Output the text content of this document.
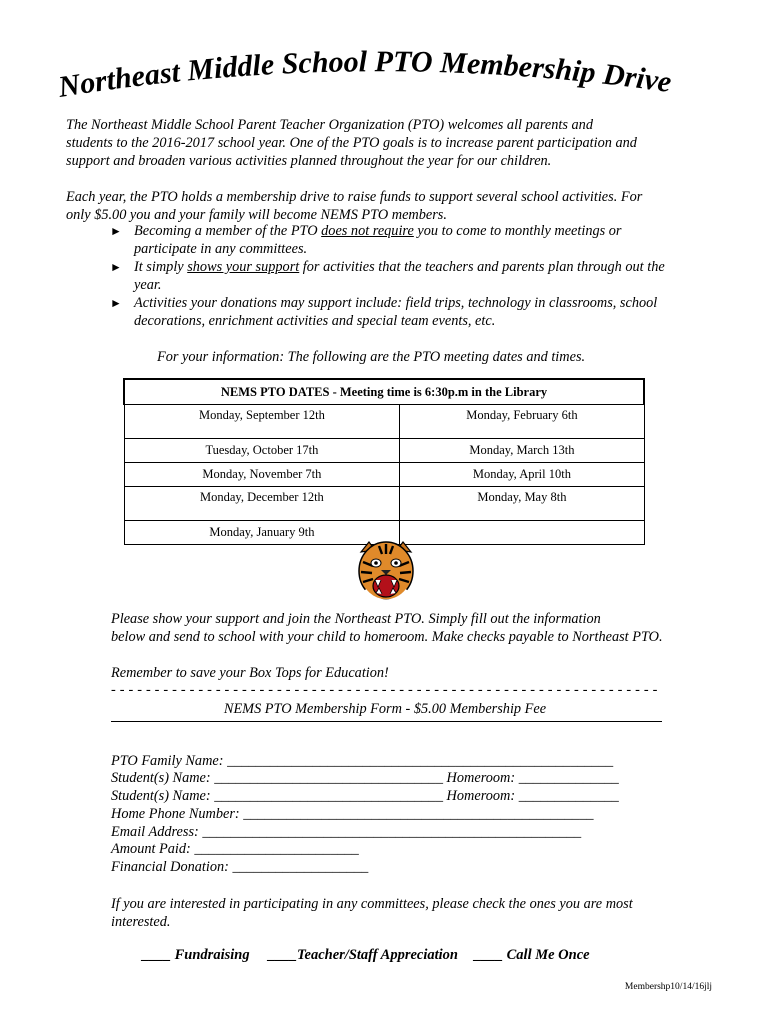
Northeast Middle School PTO Membership Drive
The Northeast Middle School Parent Teacher Organization (PTO) welcomes all parents and
students to the 2016-2017 school year. One of the PTO goals is to increase parent participation and
support and broaden various activities planned throughout the year for our children.
Each year, the PTO holds a membership drive to raise funds to support several school activities. For
only $5.00 you and your family will become NEMS PTO members.
► Becoming a member of the PTO does not require you to come to monthly meetings or participate in any committees.
► It simply shows your support for activities that the teachers and parents plan through out the year.
► Activities your donations may support include: field trips, technology in classrooms, school decorations, enrichment activities and special team events, etc.
For your information: The following are the PTO meeting dates and times.
NEMS PTO DATES - Meeting time is 6:30p.m in the Library	
Monday, September 12th	Monday, February 6th
Tuesday, October 17th	Monday, March 13th
Monday, November 7th	Monday, April 10th
Monday, December 12th	Monday, May 8th
Monday, January 9th	
Please show your support and join the Northeast PTO. Simply fill out the information
below and send to school with your child to homeroom. Make checks payable to Northeast PTO.
Remember to save your Box Tops for Education!
- - - - - - - - - - - - - - - - - - - - - - - - - - - - - - - - - - - - - - - - - - - - - - - - - - - - - - - - - - - - - - -
NEMS PTO Membership Form - $5.00 Membership Fee
PTO Family Name: ______________________________________________________
Student(s) Name: ________________________________ Homeroom: ______________
Student(s) Name: ________________________________ Homeroom: ______________
Home Phone Number: _________________________________________________
Email Address: _____________________________________________________
Amount Paid: _______________________
Financial Donation: ___________________
If you are interested in participating in any committees, please check the ones you are most
interested.
____ Fundraising ____Teacher/Staff Appreciation ____ Call Me Once
Membershp10/14/16jlj
